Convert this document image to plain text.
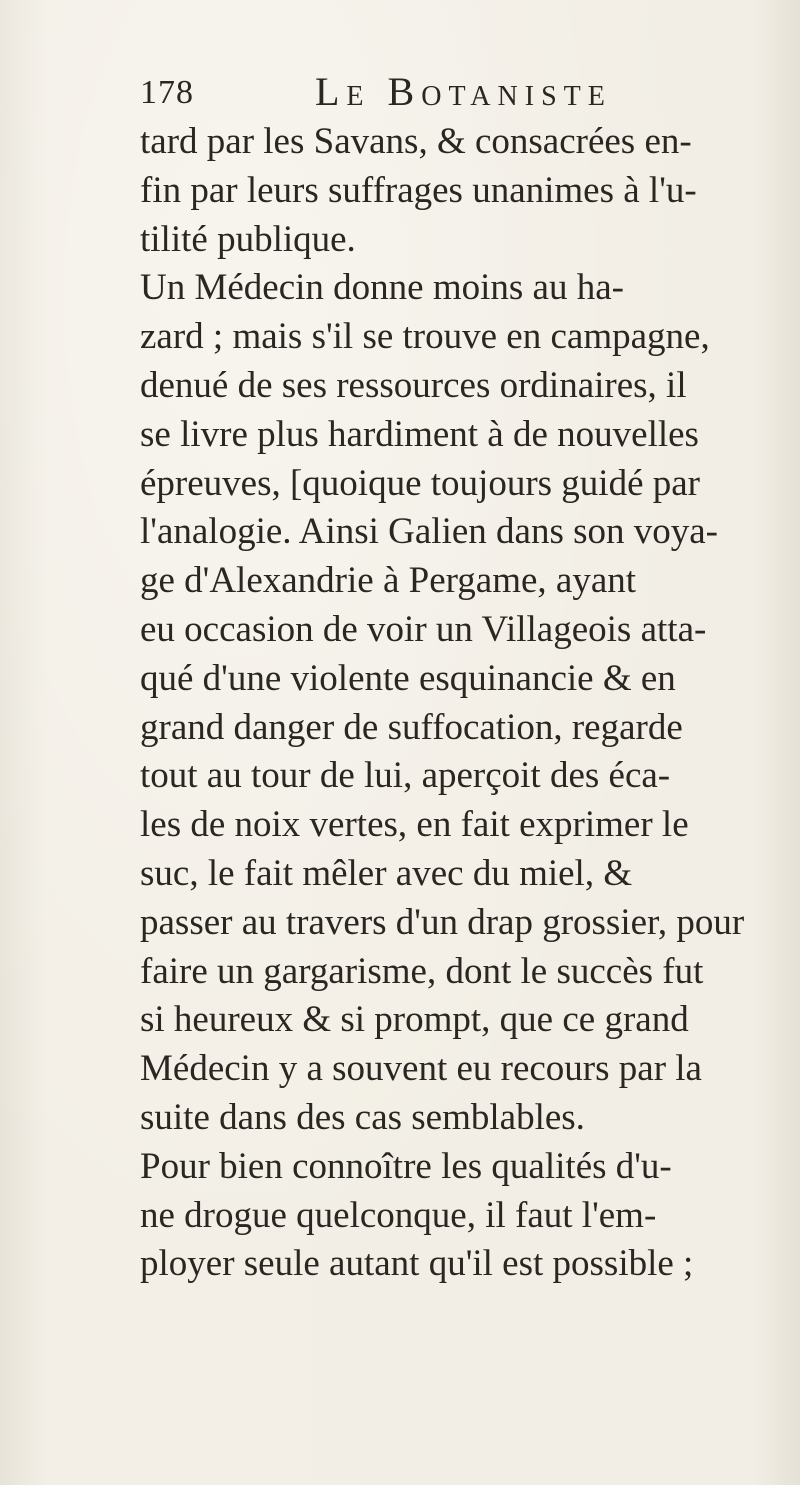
178	Le Botaniste
tard par les Savans, & consacrées en-
fin par leurs suffrages unanimes à l'u-
tilité publique.
Un Médecin donne moins au ha-
zard ; mais s'il se trouve en campagne,
denué de ses ressources ordinaires, il
se livre plus hardiment à de nouvelles
épreuves, [quoique toujours guidé par
l'analogie. Ainsi Galien dans son voya-
ge d'Alexandrie à Pergame, ayant
eu occasion de voir un Villageois atta-
qué d'une violente esquinancie & en
grand danger de suffocation, regarde
tout au tour de lui, aperçoit des éca-
les de noix vertes, en fait exprimer le
suc, le fait mêler avec du miel, &
passer au travers d'un drap grossier, pour
faire un gargarisme, dont le succès fut
si heureux & si prompt, que ce grand
Médecin y a souvent eu recours par la
suite dans des cas semblables.
Pour bien connoître les qualités d'u-
ne drogue quelconque, il faut l'em-
ployer seule autant qu'il est possible ;
